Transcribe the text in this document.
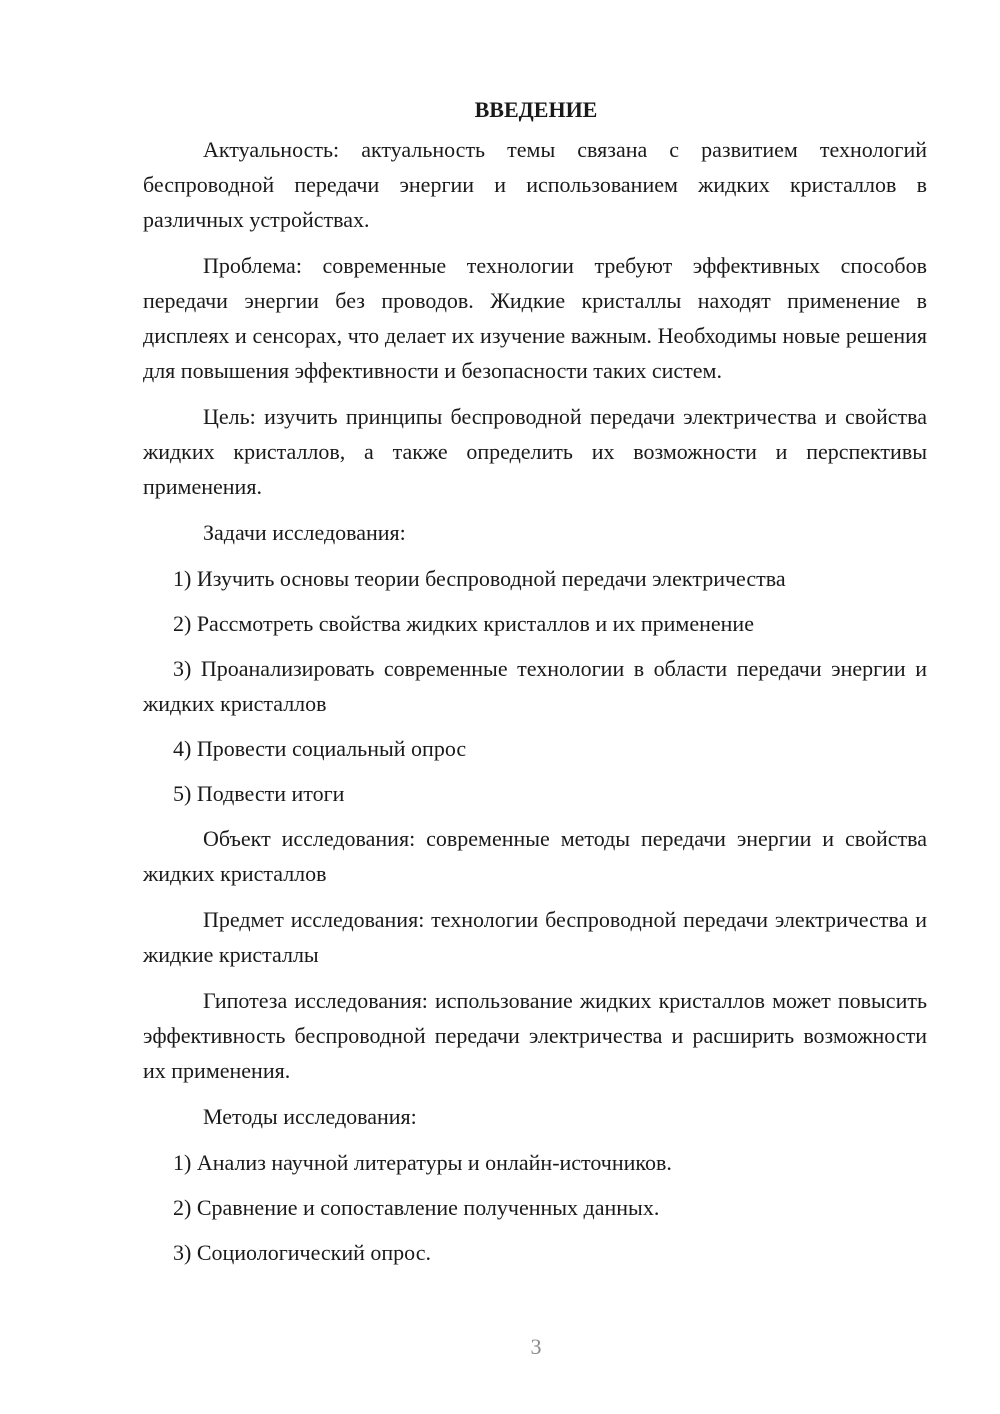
ВВЕДЕНИЕ

Актуальность: актуальность темы связана с развитием технологий беспроводной передачи энергии и использованием жидких кристаллов в различных устройствах.

Проблема: современные технологии требуют эффективных способов передачи энергии без проводов. Жидкие кристаллы находят применение в дисплеях и сенсорах, что делает их изучение важным. Необходимы новые решения для повышения эффективности и безопасности таких систем.

Цель: изучить принципы беспроводной передачи электричества и свойства жидких кристаллов, а также определить их возможности и перспективы применения.

Задачи исследования:

1) Изучить основы теории беспроводной передачи электричества

2) Рассмотреть свойства жидких кристаллов и их применение

3) Проанализировать современные технологии в области передачи энергии и жидких кристаллов

4) Провести социальный опрос

5) Подвести итоги

Объект исследования: современные методы передачи энергии и свойства жидких кристаллов

Предмет исследования: технологии беспроводной передачи электричества и жидкие кристаллы

Гипотеза исследования: использование жидких кристаллов может повысить эффективность беспроводной передачи электричества и расширить возможности их применения.

Методы исследования:

1) Анализ научной литературы и онлайн-источников.

2) Сравнение и сопоставление полученных данных.

3) Социологический опрос.

3
